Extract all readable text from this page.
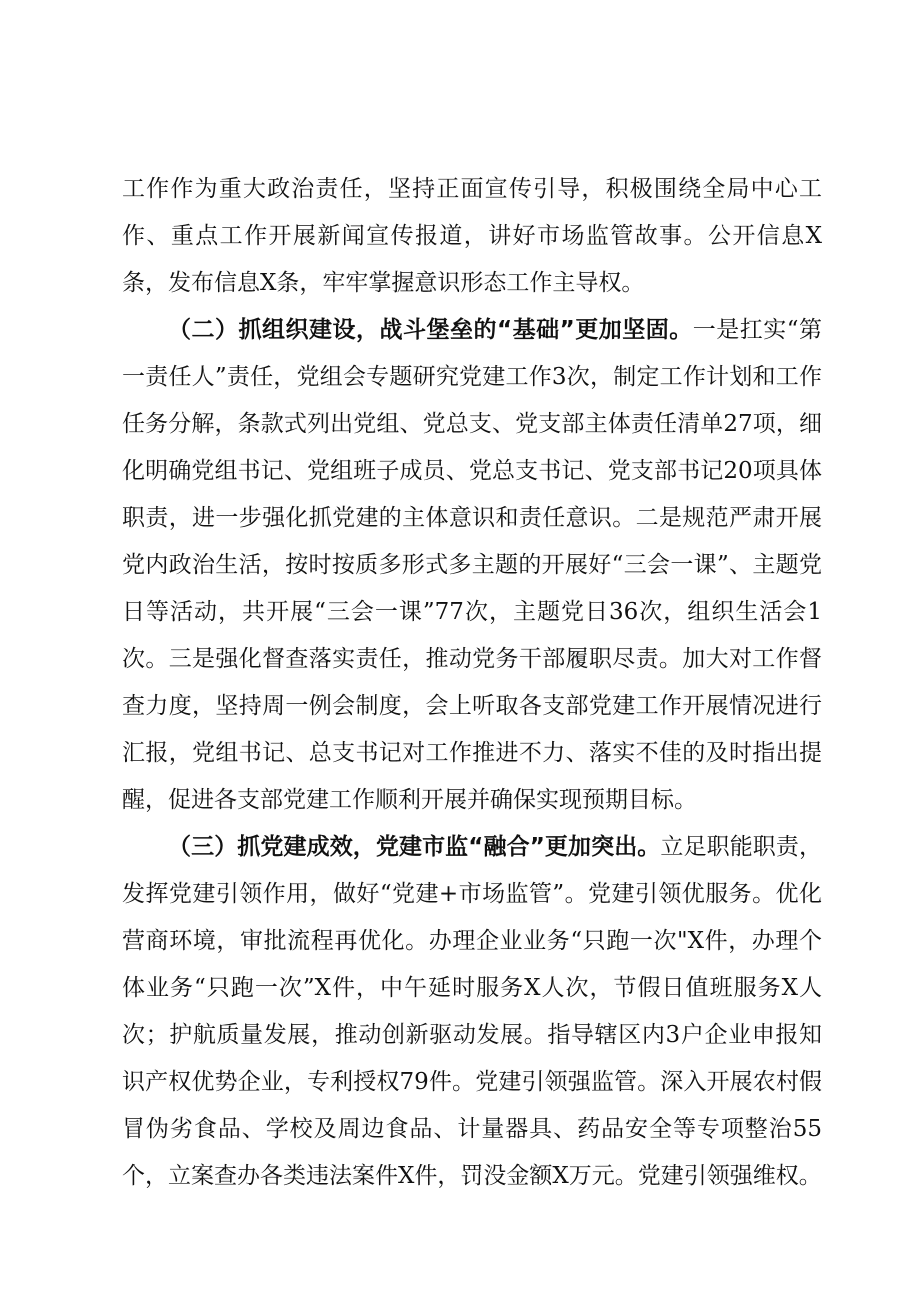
工作作为重大政治责任，坚持正面宣传引导，积极围绕全局中心工作、重点工作开展新闻宣传报道，讲好市场监管故事。公开信息X条，发布信息X条，牢牢掌握意识形态工作主导权。

（二）抓组织建设，战斗堡垒的“基础”更加坚固。一是扛实“第一责任人”责任，党组会专题研究党建工作3次，制定工作计划和工作任务分解，条款式列出党组、党总支、党支部主体责任清单27项，细化明确党组书记、党组班子成员、党总支书记、党支部书记20项具体职责，进一步强化抓党建的主体意识和责任意识。二是规范严肃开展党内政治生活，按时按质多形式多主题的开展好“三会一课”、主题党日等活动，共开展“三会一课”77次，主题党日36次，组织生活会1次。三是强化督查落实责任，推动党务干部履职尽责。加大对工作督查力度，坚持周一例会制度，会上听取各支部党建工作开展情况进行汇报，党组书记、总支书记对工作推进不力、落实不佳的及时指出提醒，促进各支部党建工作顺利开展并确保实现预期目标。

（三）抓党建成效，党建市监“融合”更加突出。立足职能职责，发挥党建引领作用，做好“党建+市场监管”。党建引领优服务。优化营商环境，审批流程再优化。办理企业业务“只跑一次"X件，办理个体业务“只跑一次”X件，中午延时服务X人次，节假日值班服务X人次；护航质量发展，推动创新驱动发展。指导辖区内3户企业申报知识产权优势企业，专利授权79件。党建引领强监管。深入开展农村假冒伪劣食品、学校及周边食品、计量器具、药品安全等专项整治55个，立案查办各类违法案件X件，罚没金额X万元。党建引领强维权。
